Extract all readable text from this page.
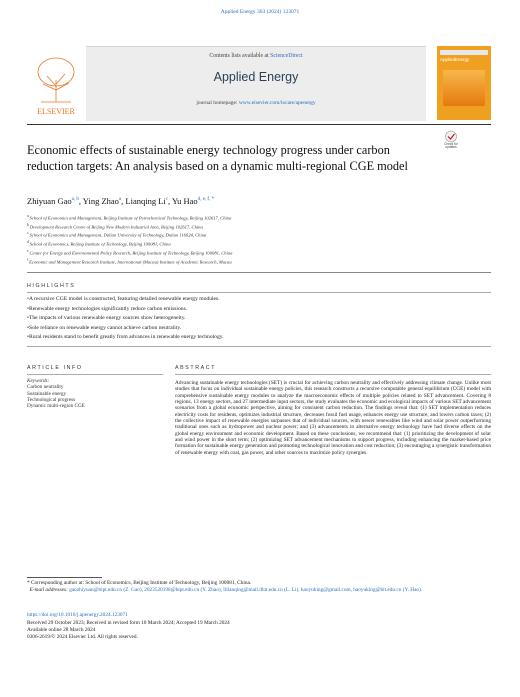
Applied Energy 363 (2024) 123071
ELSEVIER
Contents lists available at ScienceDirect
Applied Energy
journal homepage: www.elsevier.com/locate/apenergy
AppliedEnergy
Check for updates
Economic effects of sustainable energy technology progress under carbon reduction targets: An analysis based on a dynamic multi-regional CGE model
Zhiyuan Gao$^{a, b}$, Ying Zhao$^a$, Lianqing Li$^c$, Yu Hao$^{d, e, f, *}$
$^a$ School of Economics and Management, Beijing Institute of Petrochemical Technology, Beijing 102617, China
$^b$ Development Research Centre of Beijing New Modern Industrial Area, Beijing 102617, China
$^c$ School of Economics and Management, Dalian University of Technology, Dalian 116024, China
$^d$ School of Economics, Beijing Institute of Technology, Beijing 100081, China
$^e$ Center for Energy and Environmental Policy Research, Beijing Institute of Technology, Beijing 100081, China
$^f$ Economic and Management Research Institute, International (Macau) Institute of Academic Research, Macau
HIGHLIGHTS
• A recursive CGE model is constructed, featuring detailed renewable energy modules.
• Renewable energy technologies significantly reduce carbon emissions.
• The impacts of various renewable energy sources show heterogeneity.
• Sole reliance on renewable energy cannot achieve carbon neutrality.
• Rural residents stand to benefit greatly from advances in renewable energy technology.
ARTICLE INFO	ABSTRACT
Keywords:
Carbon neutrality
Sustainable energy
Technological progress
Dynamic multi-region CGE
Advancing sustainable energy technologies (SET) is crucial for achieving carbon neutrality and effectively addressing climate change. Unlike most studies that focus on individual sustainable energy policies, this research constructs a recursive computable general equilibrium (CGE) model with comprehensive sustainable energy modules to analyze the macroeconomic effects of multiple policies related to SET advancement. Covering 8 regions, 13 energy sectors, and 27 intermediate input sectors, the study evaluates the economic and ecological impacts of various SET advancement scenarios from a global economic perspective, aiming for consistent carbon reduction. The findings reveal that: (1) SET implementation reduces electricity costs for residents, optimizes industrial structure, decreases fossil fuel usage, enhances energy use structure, and lowers carbon taxes; (2) the collective impact of renewable energies surpasses that of individual sources, with newer renewables like wind and solar power outperforming traditional ones such as hydropower and nuclear power; and (3) advancements in alternative energy technology have had diverse effects on the global energy environment and economic development. Based on these conclusions, we recommend that: (1) prioritizing the development of solar and wind power in the short term; (2) optimizing SET advancement mechanisms to support progress, including enhancing the market-based price formation for sustainable energy generation and promoting technological innovation and cost reduction; (3) encouraging a synergistic transformation of renewable energy with coal, gas power, and other sources to maximize policy synergies.
* Corresponding author at: School of Economics, Beijing Institute of Technology, Beijing 100081, China.
E-mail addresses: gaozhiyuan@bipt.edu.cn (Z. Gao), 2023520198@bipt.edu.cn (Y. Zhao), lilianqing@mail.dlut.edu.cn (L. Li), haoyuking@gmail.com, haoyuking@bit.edu.cn (Y. Hao).
https://doi.org/10.1016/j.apenergy.2024.123071
Received 29 October 2023; Received in revised form 10 March 2024; Accepted 19 March 2024
Available online 28 March 2024
0306-2619/© 2024 Elsevier Ltd. All rights reserved.
